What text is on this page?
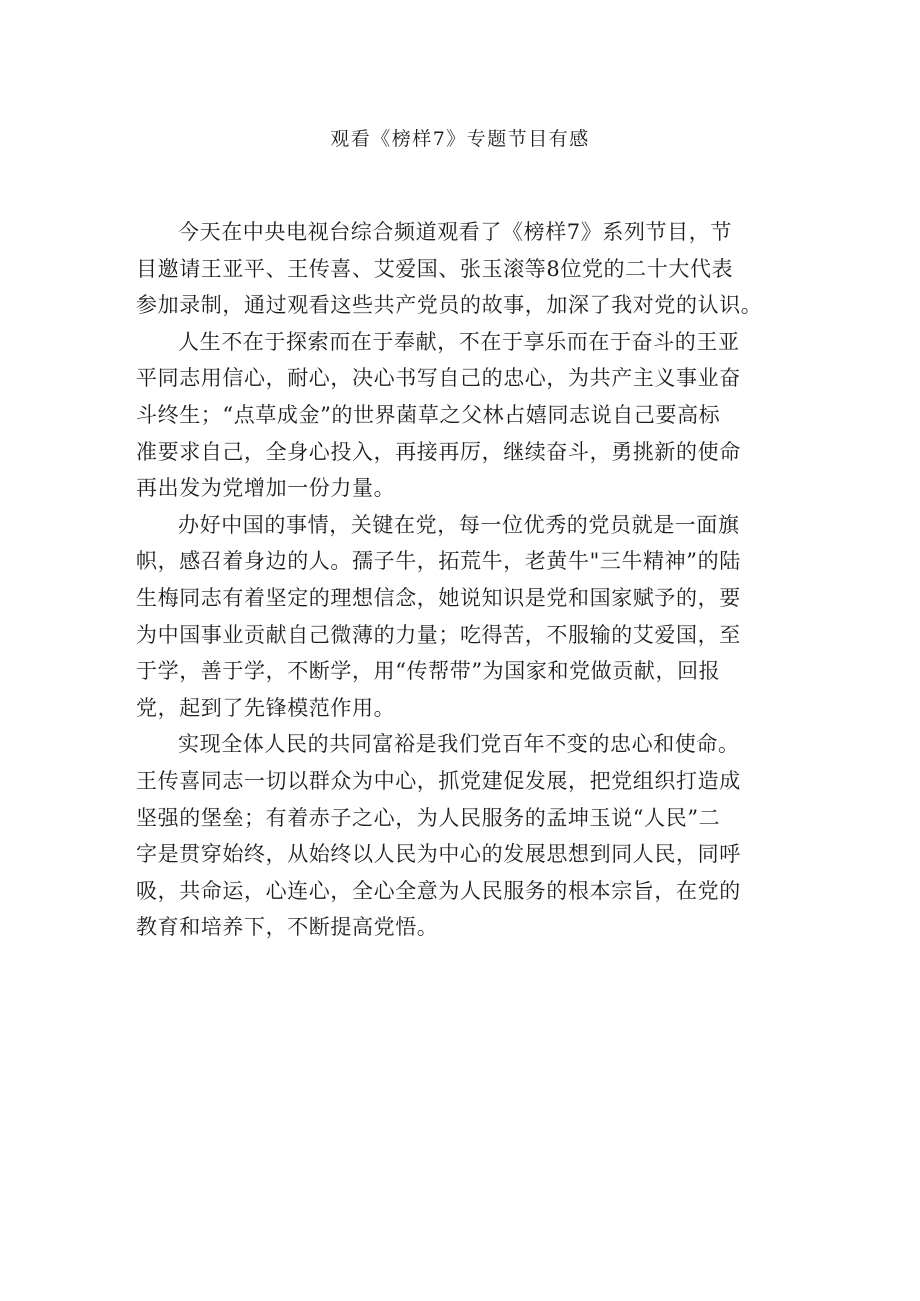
观看《榜样7》专题节目有感
今天在中央电视台综合频道观看了《榜样7》系列节目，节
目邀请王亚平、王传喜、艾爱国、张玉滚等8位党的二十大代表
参加录制，通过观看这些共产党员的故事，加深了我对党的认识。
人生不在于探索而在于奉献，不在于享乐而在于奋斗的王亚
平同志用信心，耐心，决心书写自己的忠心，为共产主义事业奋
斗终生；“点草成金”的世界菌草之父林占嬉同志说自己要高标
准要求自己，全身心投入，再接再厉，继续奋斗，勇挑新的使命
再出发为党增加一份力量。
办好中国的事情，关键在党，每一位优秀的党员就是一面旗
帜，感召着身边的人。孺子牛，拓荒牛，老黄牛"三牛精神”的陆
生梅同志有着坚定的理想信念，她说知识是党和国家赋予的，要
为中国事业贡献自己微薄的力量；吃得苦，不服输的艾爱国，至
于学，善于学，不断学，用“传帮带”为国家和党做贡献，回报
党，起到了先锋模范作用。
实现全体人民的共同富裕是我们党百年不变的忠心和使命。
王传喜同志一切以群众为中心，抓党建促发展，把党组织打造成
坚强的堡垒；有着赤子之心，为人民服务的孟坤玉说“人民”二
字是贯穿始终，从始终以人民为中心的发展思想到同人民，同呼
吸，共命运，心连心，全心全意为人民服务的根本宗旨，在党的
教育和培养下，不断提高党悟。
